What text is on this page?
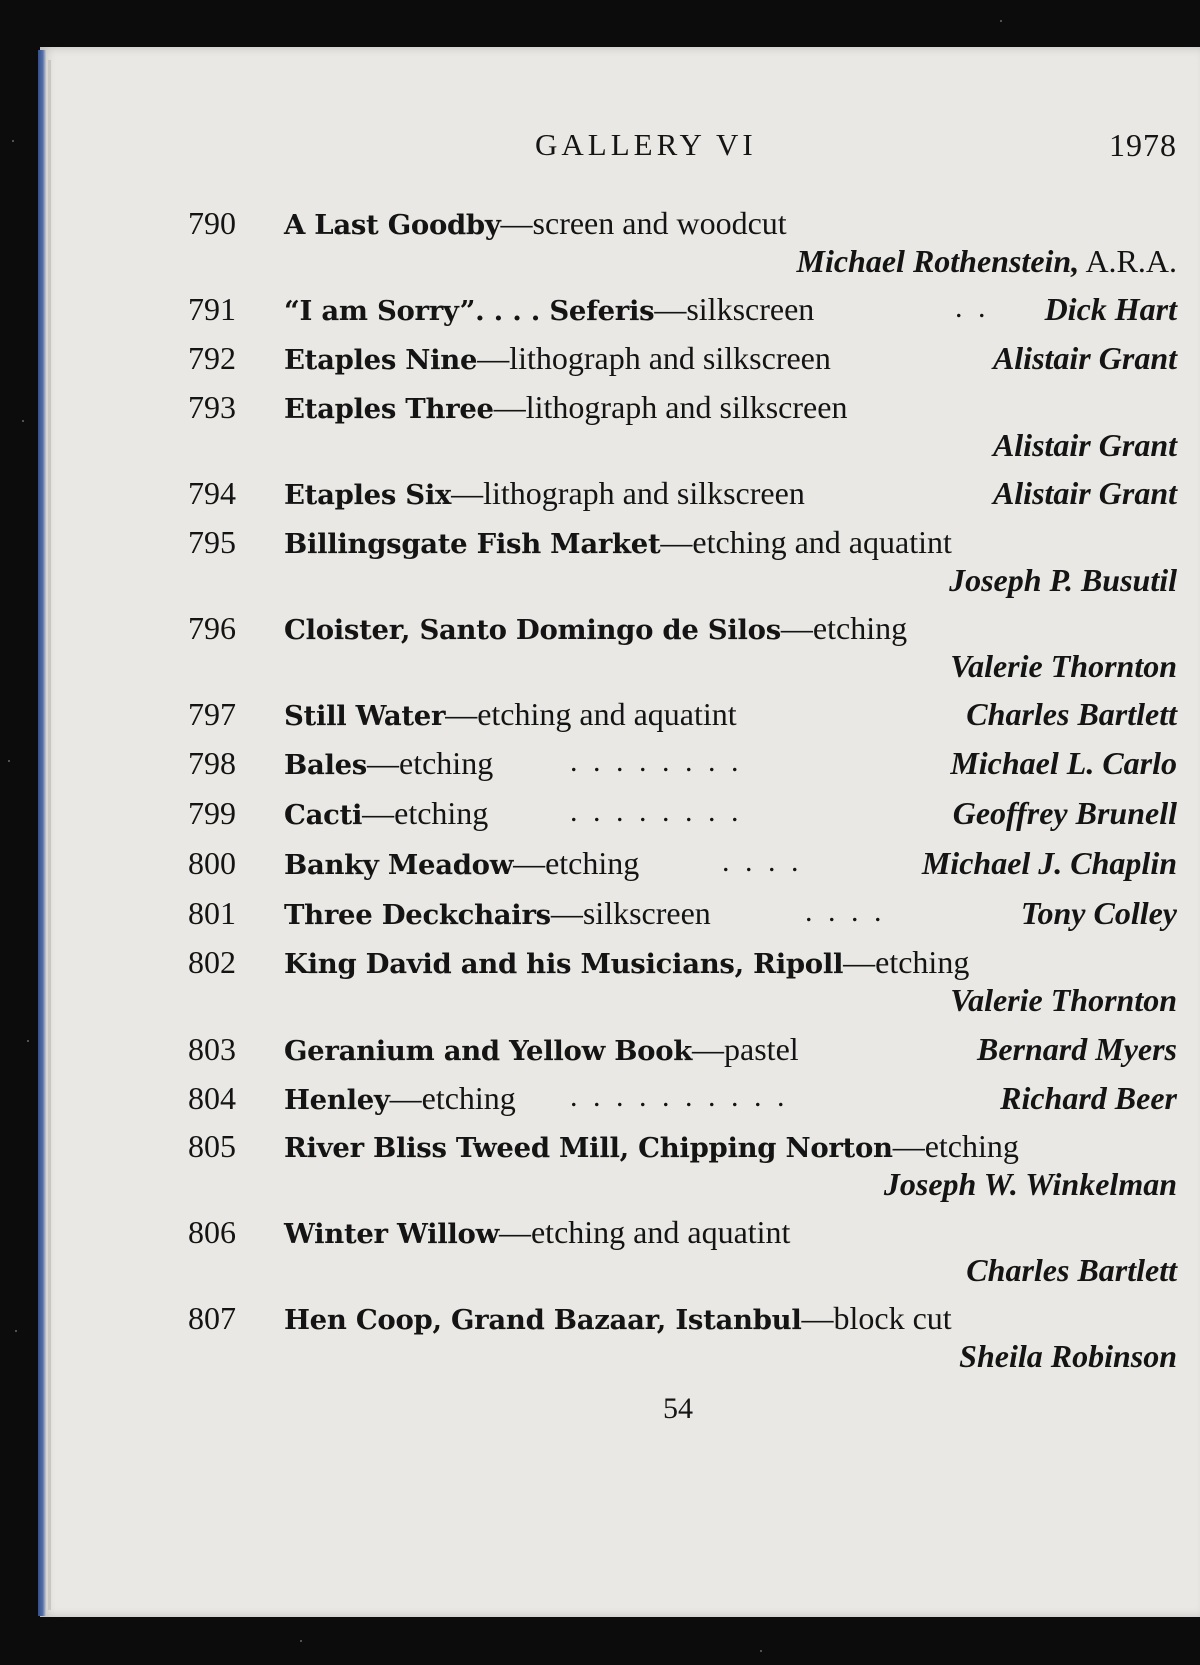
GALLERY VI	1978
790 A Last Goodby—screen and woodcut
Michael Rothenstein, A.R.A.
791 “I am Sorry”. . . . Seferis—silkscreen	. . Dick Hart
792 Etaples Nine—lithograph and silkscreen	Alistair Grant
793 Etaples Three—lithograph and silkscreen
Alistair Grant
794 Etaples Six—lithograph and silkscreen	Alistair Grant
795 Billingsgate Fish Market—etching and aquatint
Joseph P. Busutil
796 Cloister, Santo Domingo de Silos—etching
Valerie Thornton
797 Still Water—etching and aquatint	Charles Bartlett
798 Bales—etching	. . . . . . . .	Michael L. Carlo
799 Cacti—etching	. . . . . . . .	Geoffrey Brunell
800 Banky Meadow—etching	. . . .	Michael J. Chaplin
801 Three Deckchairs—silkscreen	. . . .	Tony Colley
802 King David and his Musicians, Ripoll—etching
Valerie Thornton
803 Geranium and Yellow Book—pastel	Bernard Myers
804 Henley—etching . . . . . . . . . .	Richard Beer
805 River Bliss Tweed Mill, Chipping Norton—etching
Joseph W. Winkelman
806 Winter Willow—etching and aquatint
Charles Bartlett
807 Hen Coop, Grand Bazaar, Istanbul—block cut
Sheila Robinson
54
